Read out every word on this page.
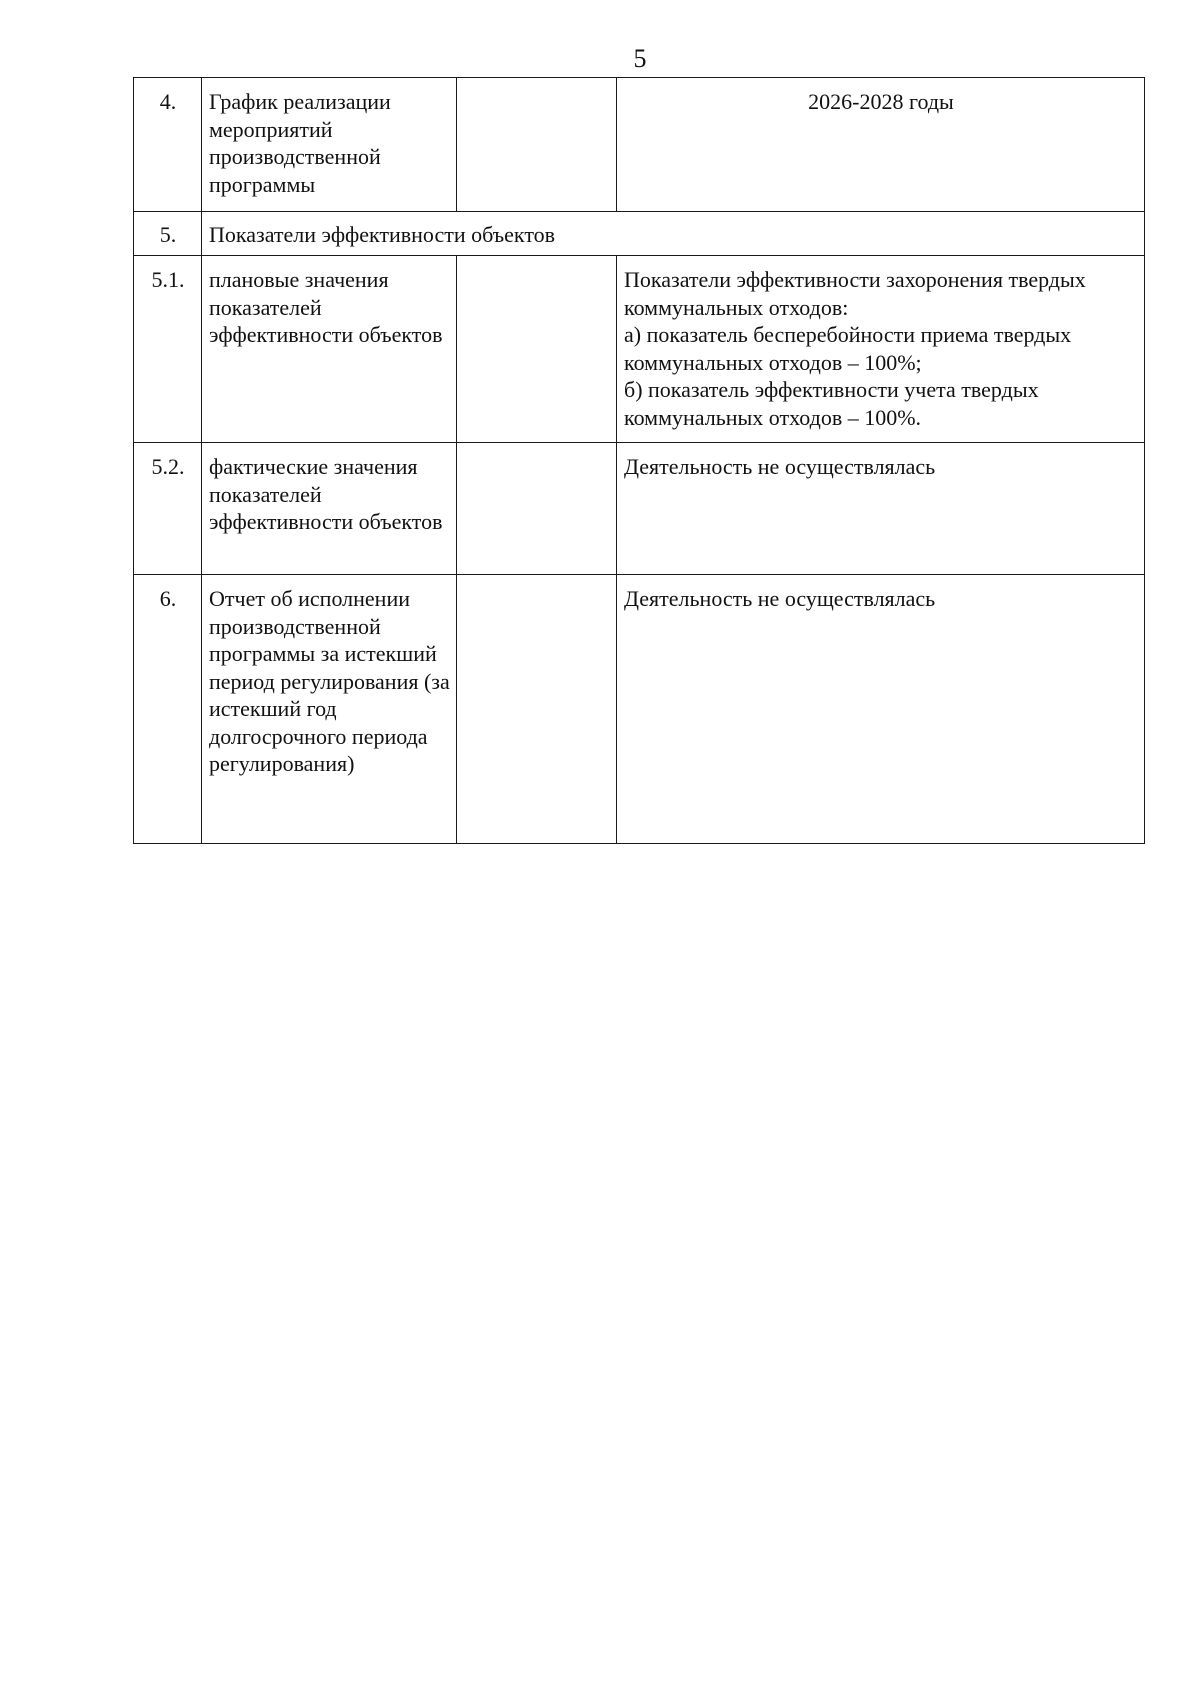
5
4.	График реализации мероприятий производственной программы		2026-2028 годы
5.	Показатели эффективности объектов		
5.1.	плановые значения показателей эффективности объектов		Показатели эффективности захоронения твердых коммунальных отходов:
а) показатель бесперебойности приема твердых коммунальных отходов – 100%;
б) показатель эффективности учета твердых коммунальных отходов – 100%.

5.2.	фактические значения показателей эффективности объектов		Деятельность не осуществлялась
6.	Отчет об исполнении производственной программы за истекший период регулирования (за истекший год долгосрочного периода регулирования)		Деятельность не осуществлялась
